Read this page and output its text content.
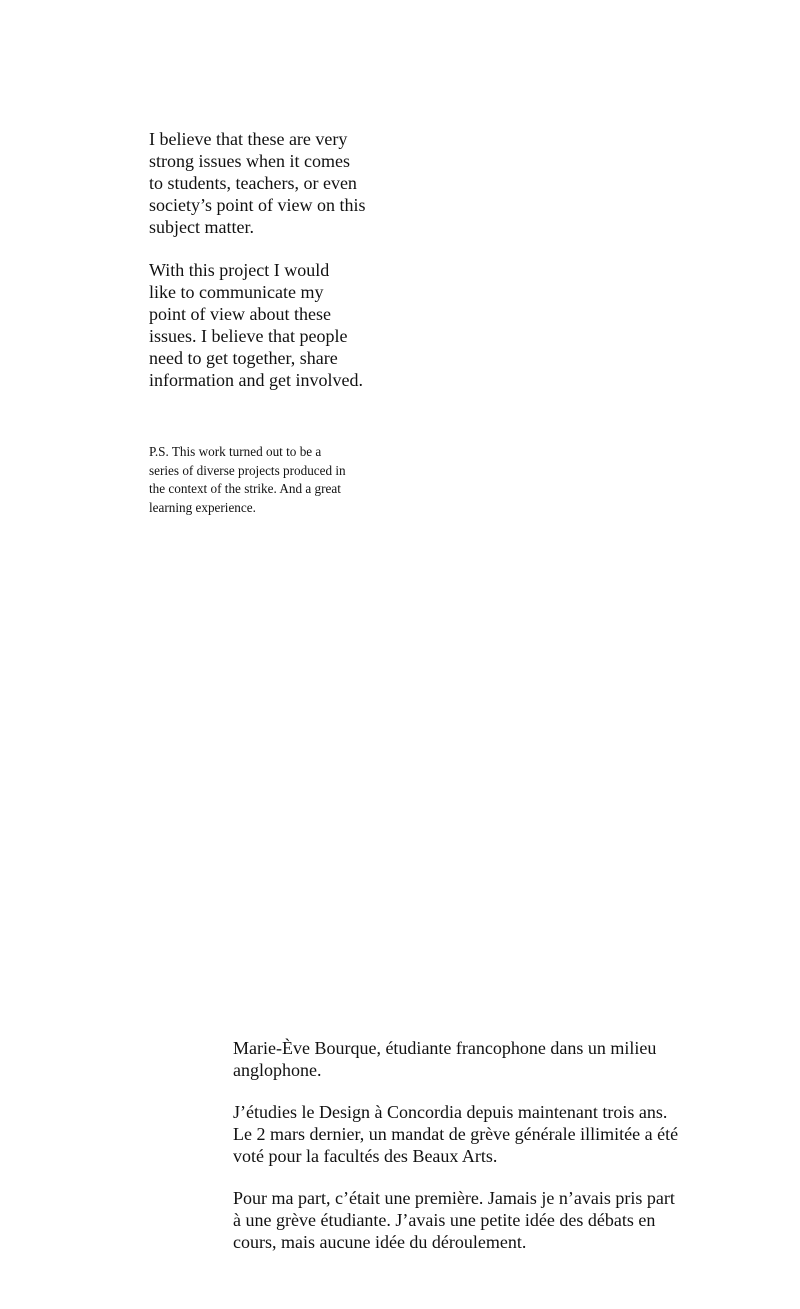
I believe that these are very
strong issues when it comes
to students, teachers, or even
society’s point of view on this
subject matter.

With this project I would
like to communicate my
point of view about these
issues. I believe that people
need to get together, share
information and get involved.

P.S. This work turned out to be a
series of diverse projects produced in
the context of the strike. And a great
learning experience.

Marie-Ève Bourque, étudiante francophone dans un milieu
anglophone.

J’étudies le Design à Concordia depuis maintenant trois ans.
Le 2 mars dernier, un mandat de grève générale illimitée a été
voté pour la facultés des Beaux Arts.

Pour ma part, c’était une première. Jamais je n’avais pris part
à une grève étudiante. J’avais une petite idée des débats en
cours, mais aucune idée du déroulement.
